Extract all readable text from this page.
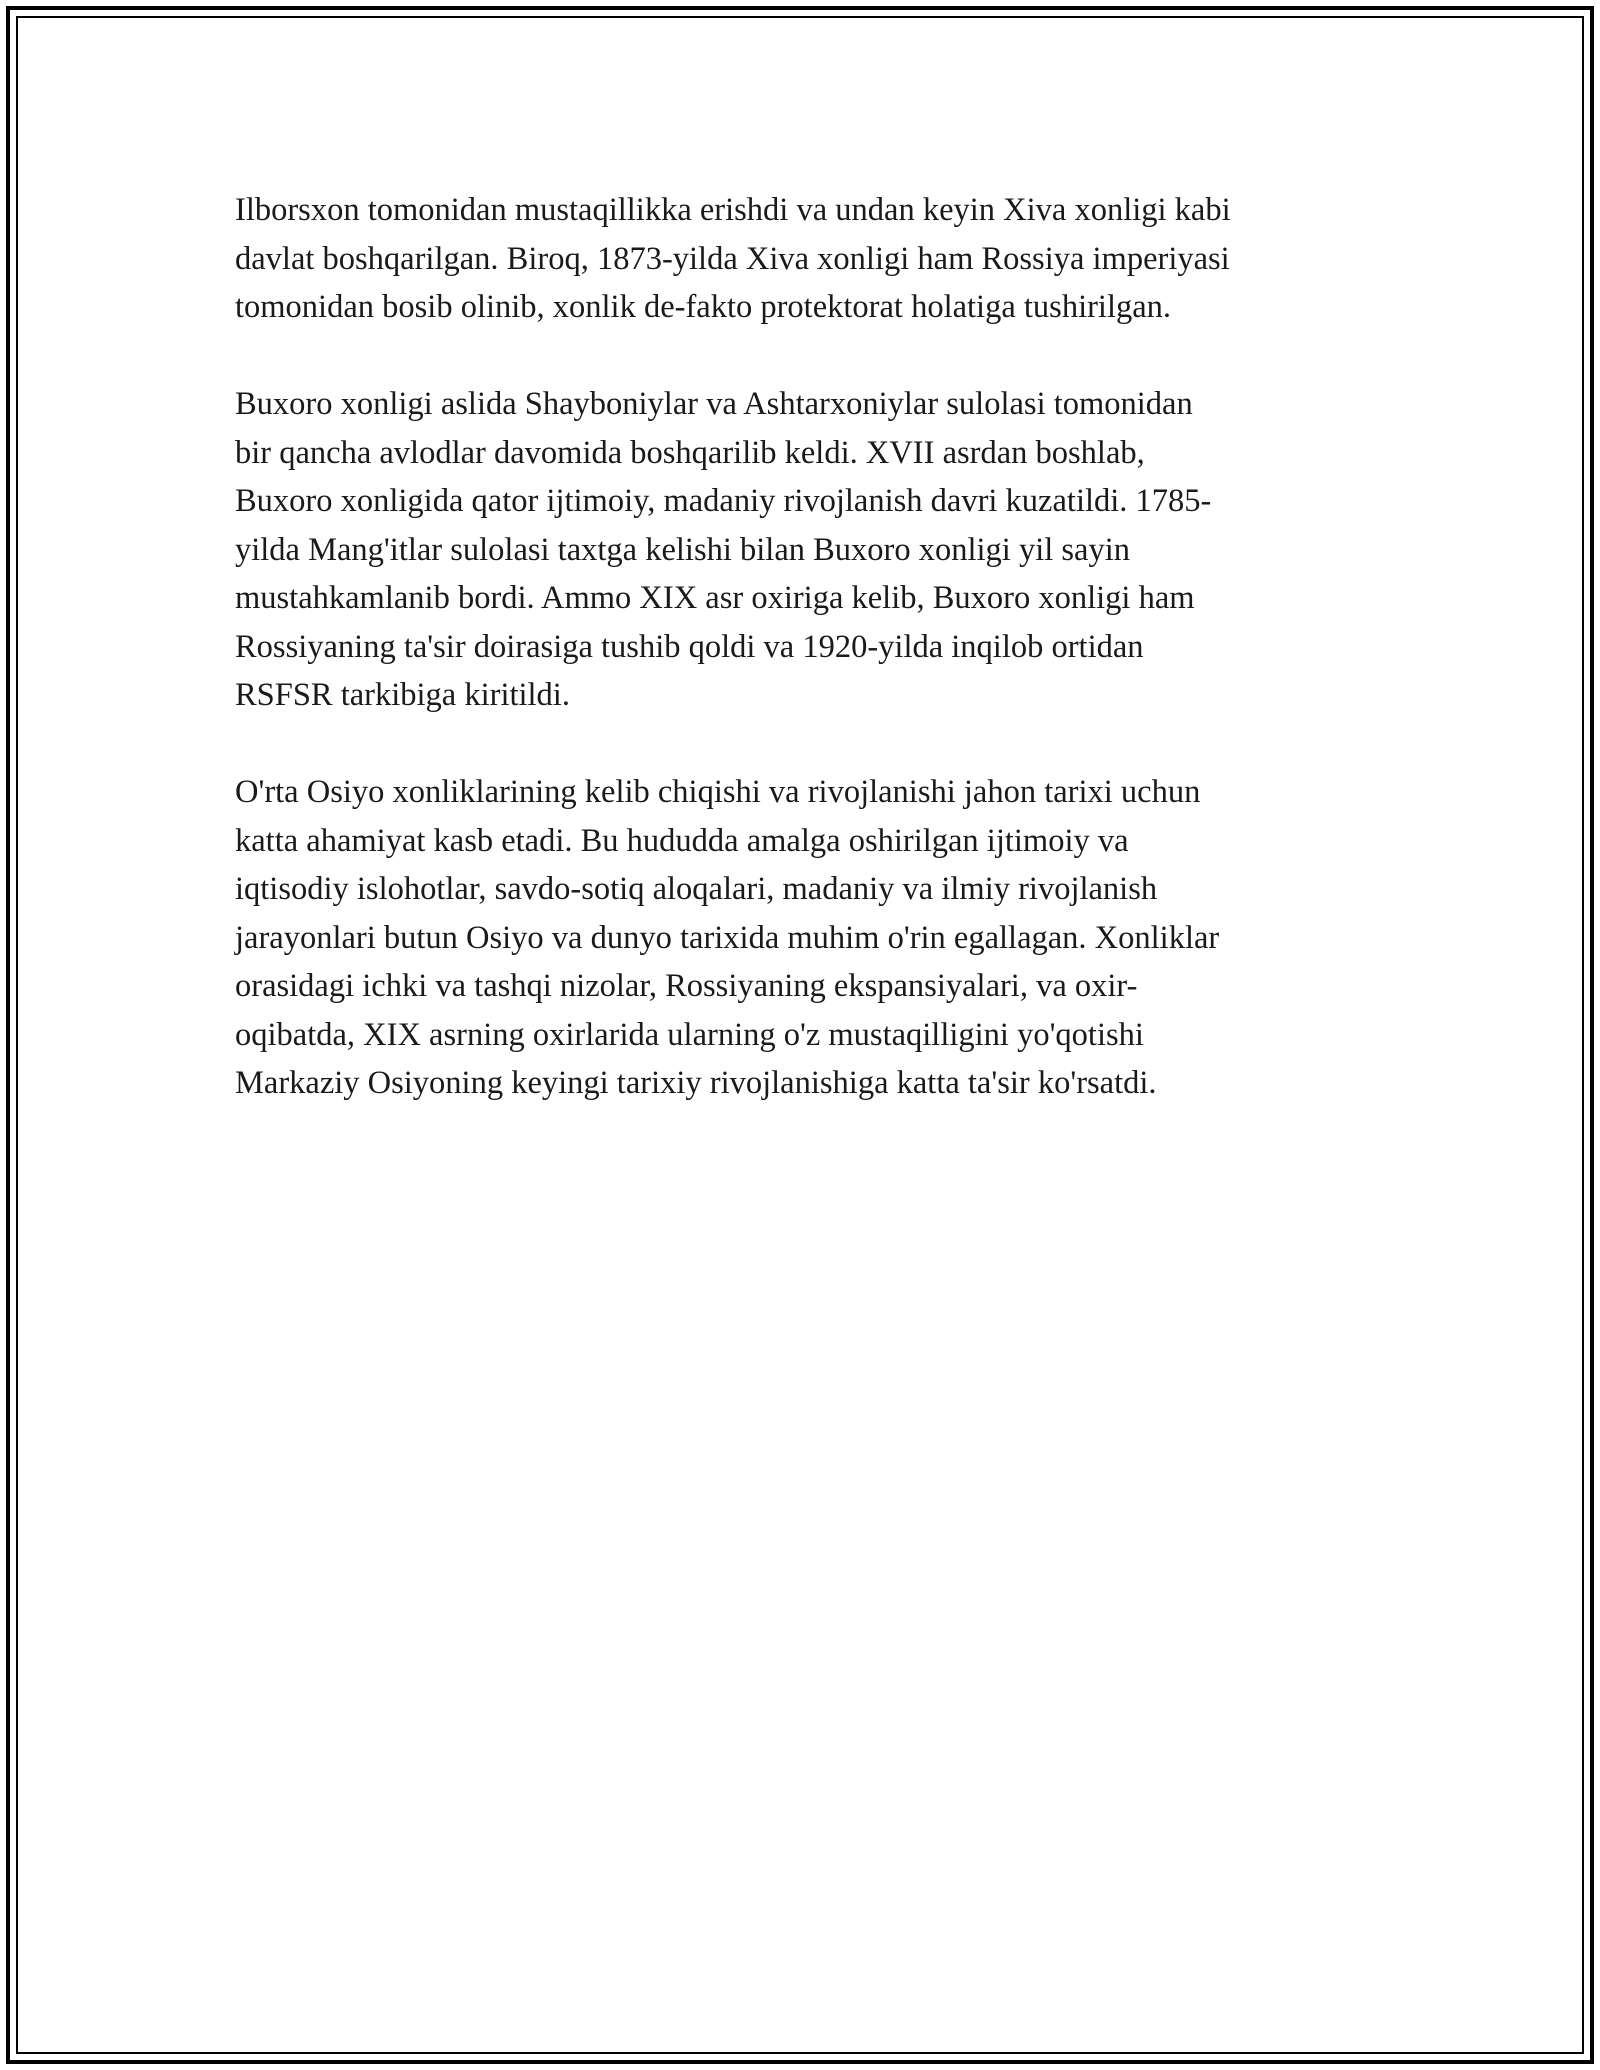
Ilborsxon tomonidan mustaqillikka erishdi va undan keyin Xiva xonligi kabi
davlat boshqarilgan. Biroq, 1873-yilda Xiva xonligi ham Rossiya imperiyasi
tomonidan bosib olinib, xonlik de-fakto protektorat holatiga tushirilgan.

Buxoro xonligi aslida Shayboniylar va Ashtarxoniylar sulolasi tomonidan
bir qancha avlodlar davomida boshqarilib keldi. XVII asrdan boshlab,
Buxoro xonligida qator ijtimoiy, madaniy rivojlanish davri kuzatildi. 1785-
yilda Mang'itlar sulolasi taxtga kelishi bilan Buxoro xonligi yil sayin
mustahkamlanib bordi. Ammo XIX asr oxiriga kelib, Buxoro xonligi ham
Rossiyaning ta'sir doirasiga tushib qoldi va 1920-yilda inqilob ortidan
RSFSR tarkibiga kiritildi.

O'rta Osiyo xonliklarining kelib chiqishi va rivojlanishi jahon tarixi uchun
katta ahamiyat kasb etadi. Bu hududda amalga oshirilgan ijtimoiy va
iqtisodiy islohotlar, savdo-sotiq aloqalari, madaniy va ilmiy rivojlanish
jarayonlari butun Osiyo va dunyo tarixida muhim o'rin egallagan. Xonliklar
orasidagi ichki va tashqi nizolar, Rossiyaning ekspansiyalari, va oxir-
oqibatda, XIX asrning oxirlarida ularning o'z mustaqilligini yo'qotishi
Markaziy Osiyoning keyingi tarixiy rivojlanishiga katta ta'sir ko'rsatdi.
